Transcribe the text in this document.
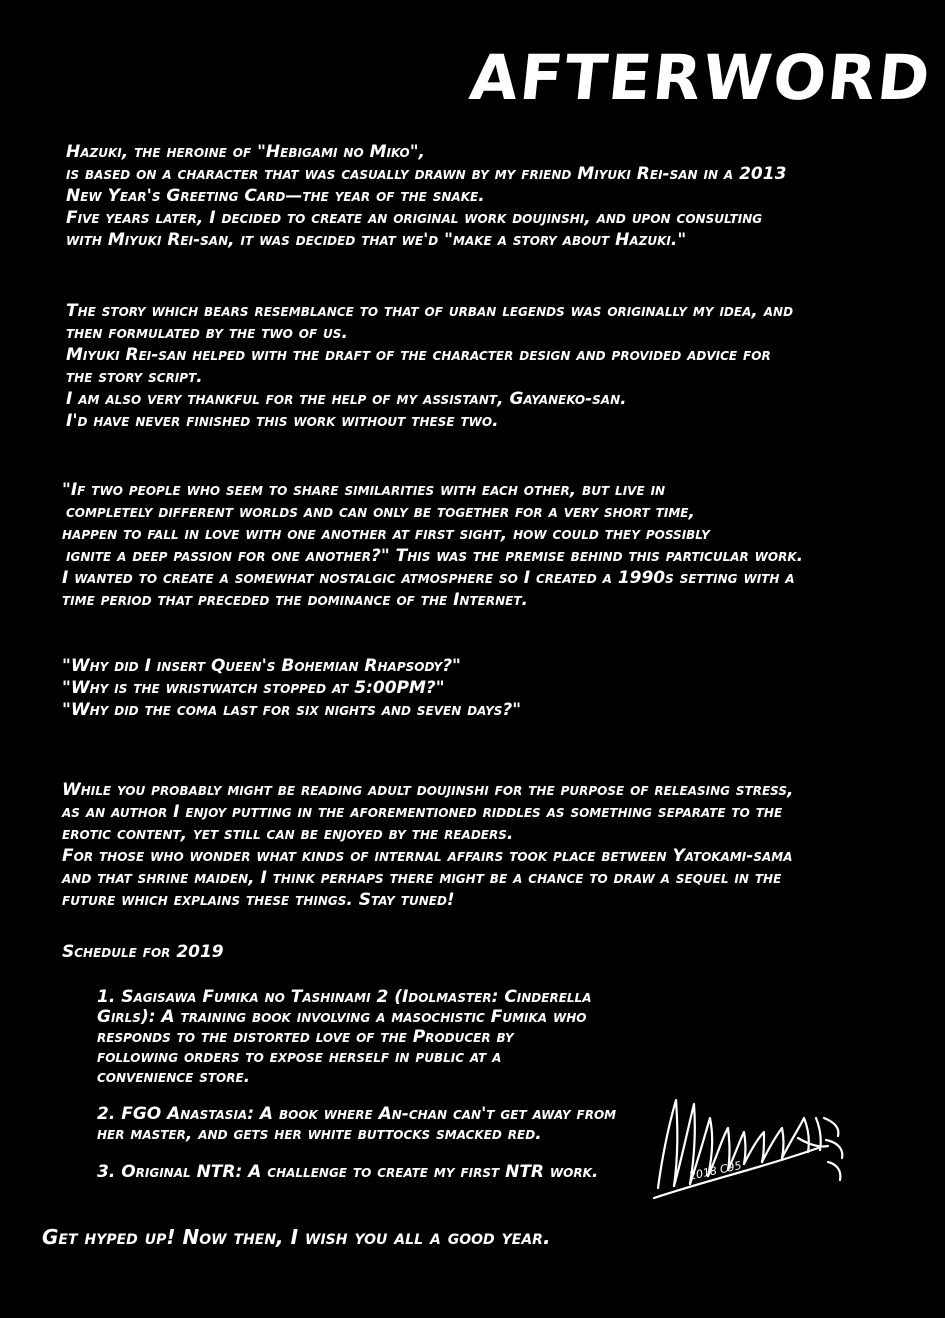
AFTERWORD
Hazuki, the heroine of "Hebigami no Miko",
is based on a character that was casually drawn by my friend Miyuki Rei-san in a 2013
New Year's Greeting Card—the year of the snake.
Five years later, I decided to create an original work doujinshi, and upon consulting
with Miyuki Rei-san, it was decided that we'd "make a story about Hazuki."
The story which bears resemblance to that of urban legends was originally my idea, and
then formulated by the two of us.
Miyuki Rei-san helped with the draft of the character design and provided advice for
the story script.
I am also very thankful for the help of my assistant, Gayaneko-san.
I'd have never finished this work without these two.
"If two people who seem to share similarities with each other, but live in
completely different worlds and can only be together for a very short time,
happen to fall in love with one another at first sight, how could they possibly
ignite a deep passion for one another?" This was the premise behind this particular work.
I wanted to create a somewhat nostalgic atmosphere so I created a 1990s setting with a
time period that preceded the dominance of the Internet.
"Why did I insert Queen's Bohemian Rhapsody?"
"Why is the wristwatch stopped at 5:00PM?"
"Why did the coma last for six nights and seven days?"
While you probably might be reading adult doujinshi for the purpose of releasing stress,
as an author I enjoy putting in the aforementioned riddles as something separate to the
erotic content, yet still can be enjoyed by the readers.
For those who wonder what kinds of internal affairs took place between Yatokami-sama
and that shrine maiden, I think perhaps there might be a chance to draw a sequel in the
future which explains these things. Stay tuned!
Schedule for 2019
1. Sagisawa Fumika no Tashinami 2 (Idolmaster: Cinderella
Girls): A training book involving a masochistic Fumika who
responds to the distorted love of the Producer by
following orders to expose herself in public at a
convenience store.
2. FGO Anastasia: A book where An-chan can't get away from
her master, and gets her white buttocks smacked red.
3. Original NTR: A challenge to create my first NTR work.	2018 C95
Get hyped up! Now then, I wish you all a good year.
